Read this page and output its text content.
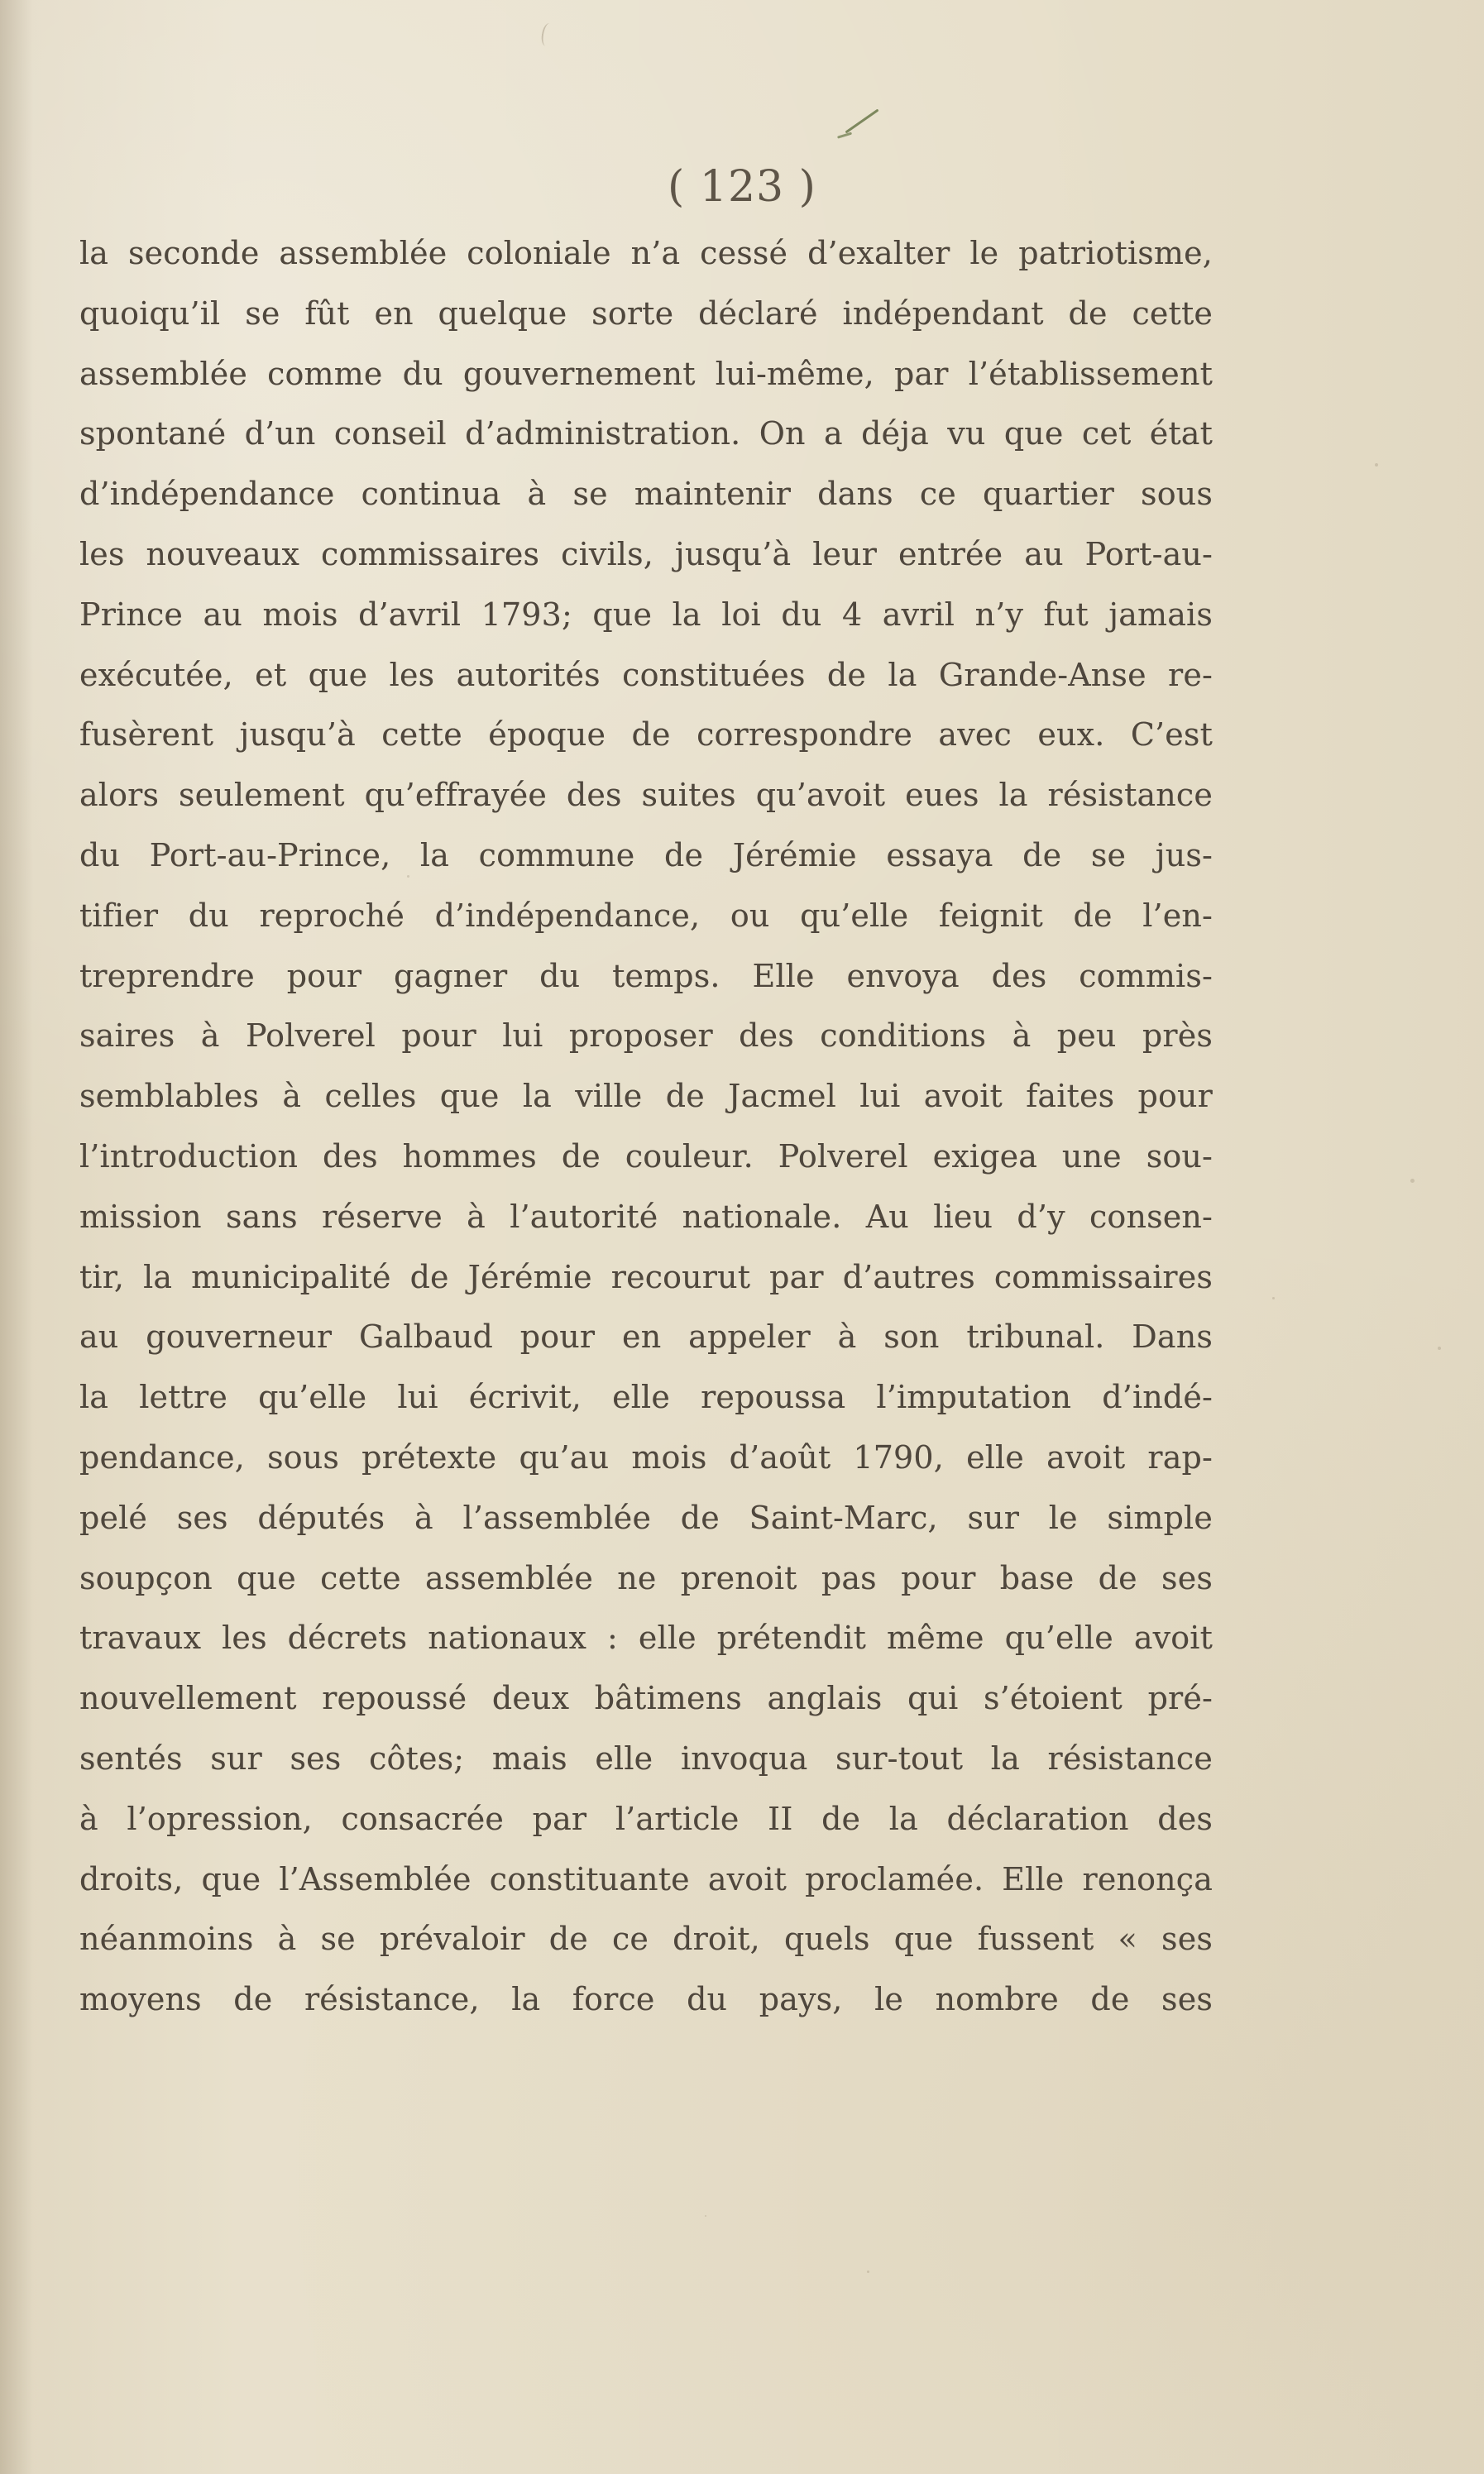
( 123 )
la seconde assemblée coloniale n’a cessé d’exalter le patriotisme,
quoiqu’il se fût en quelque sorte déclaré indépendant de cette
assemblée comme du gouvernement lui-même, par l’établissement
spontané d’un conseil d’administration. On a déja vu que cet état
d’indépendance continua à se maintenir dans ce quartier sous
les nouveaux commissaires civils, jusqu’à leur entrée au Port-au-
Prince au mois d’avril 1793; que la loi du 4 avril n’y fut jamais
exécutée, et que les autorités constituées de la Grande-Anse re-
fusèrent jusqu’à cette époque de correspondre avec eux. C’est
alors seulement qu’effrayée des suites qu’avoit eues la résistance
du Port-au-Prince, la commune de Jérémie essaya de se jus-
tifier du reproché d’indépendance, ou qu’elle feignit de l’en-
treprendre pour gagner du temps. Elle envoya des commis-
saires à Polverel pour lui proposer des conditions à peu près
semblables à celles que la ville de Jacmel lui avoit faites pour
l’introduction des hommes de couleur. Polverel exigea une sou-
mission sans réserve à l’autorité nationale. Au lieu d’y consen-
tir, la municipalité de Jérémie recourut par d’autres commissaires
au gouverneur Galbaud pour en appeler à son tribunal. Dans
la lettre qu’elle lui écrivit, elle repoussa l’imputation d’indé-
pendance, sous prétexte qu’au mois d’août 1790, elle avoit rap-
pelé ses députés à l’assemblée de Saint-Marc, sur le simple
soupçon que cette assemblée ne prenoit pas pour base de ses
travaux les décrets nationaux : elle prétendit même qu’elle avoit
nouvellement repoussé deux bâtimens anglais qui s’étoient pré-
sentés sur ses côtes; mais elle invoqua sur-tout la résistance
à l’opression, consacrée par l’article II de la déclaration des
droits, que l’Assemblée constituante avoit proclamée. Elle renonça
néanmoins à se prévaloir de ce droit, quels que fussent « ses
moyens de résistance, la force du pays, le nombre de ses
